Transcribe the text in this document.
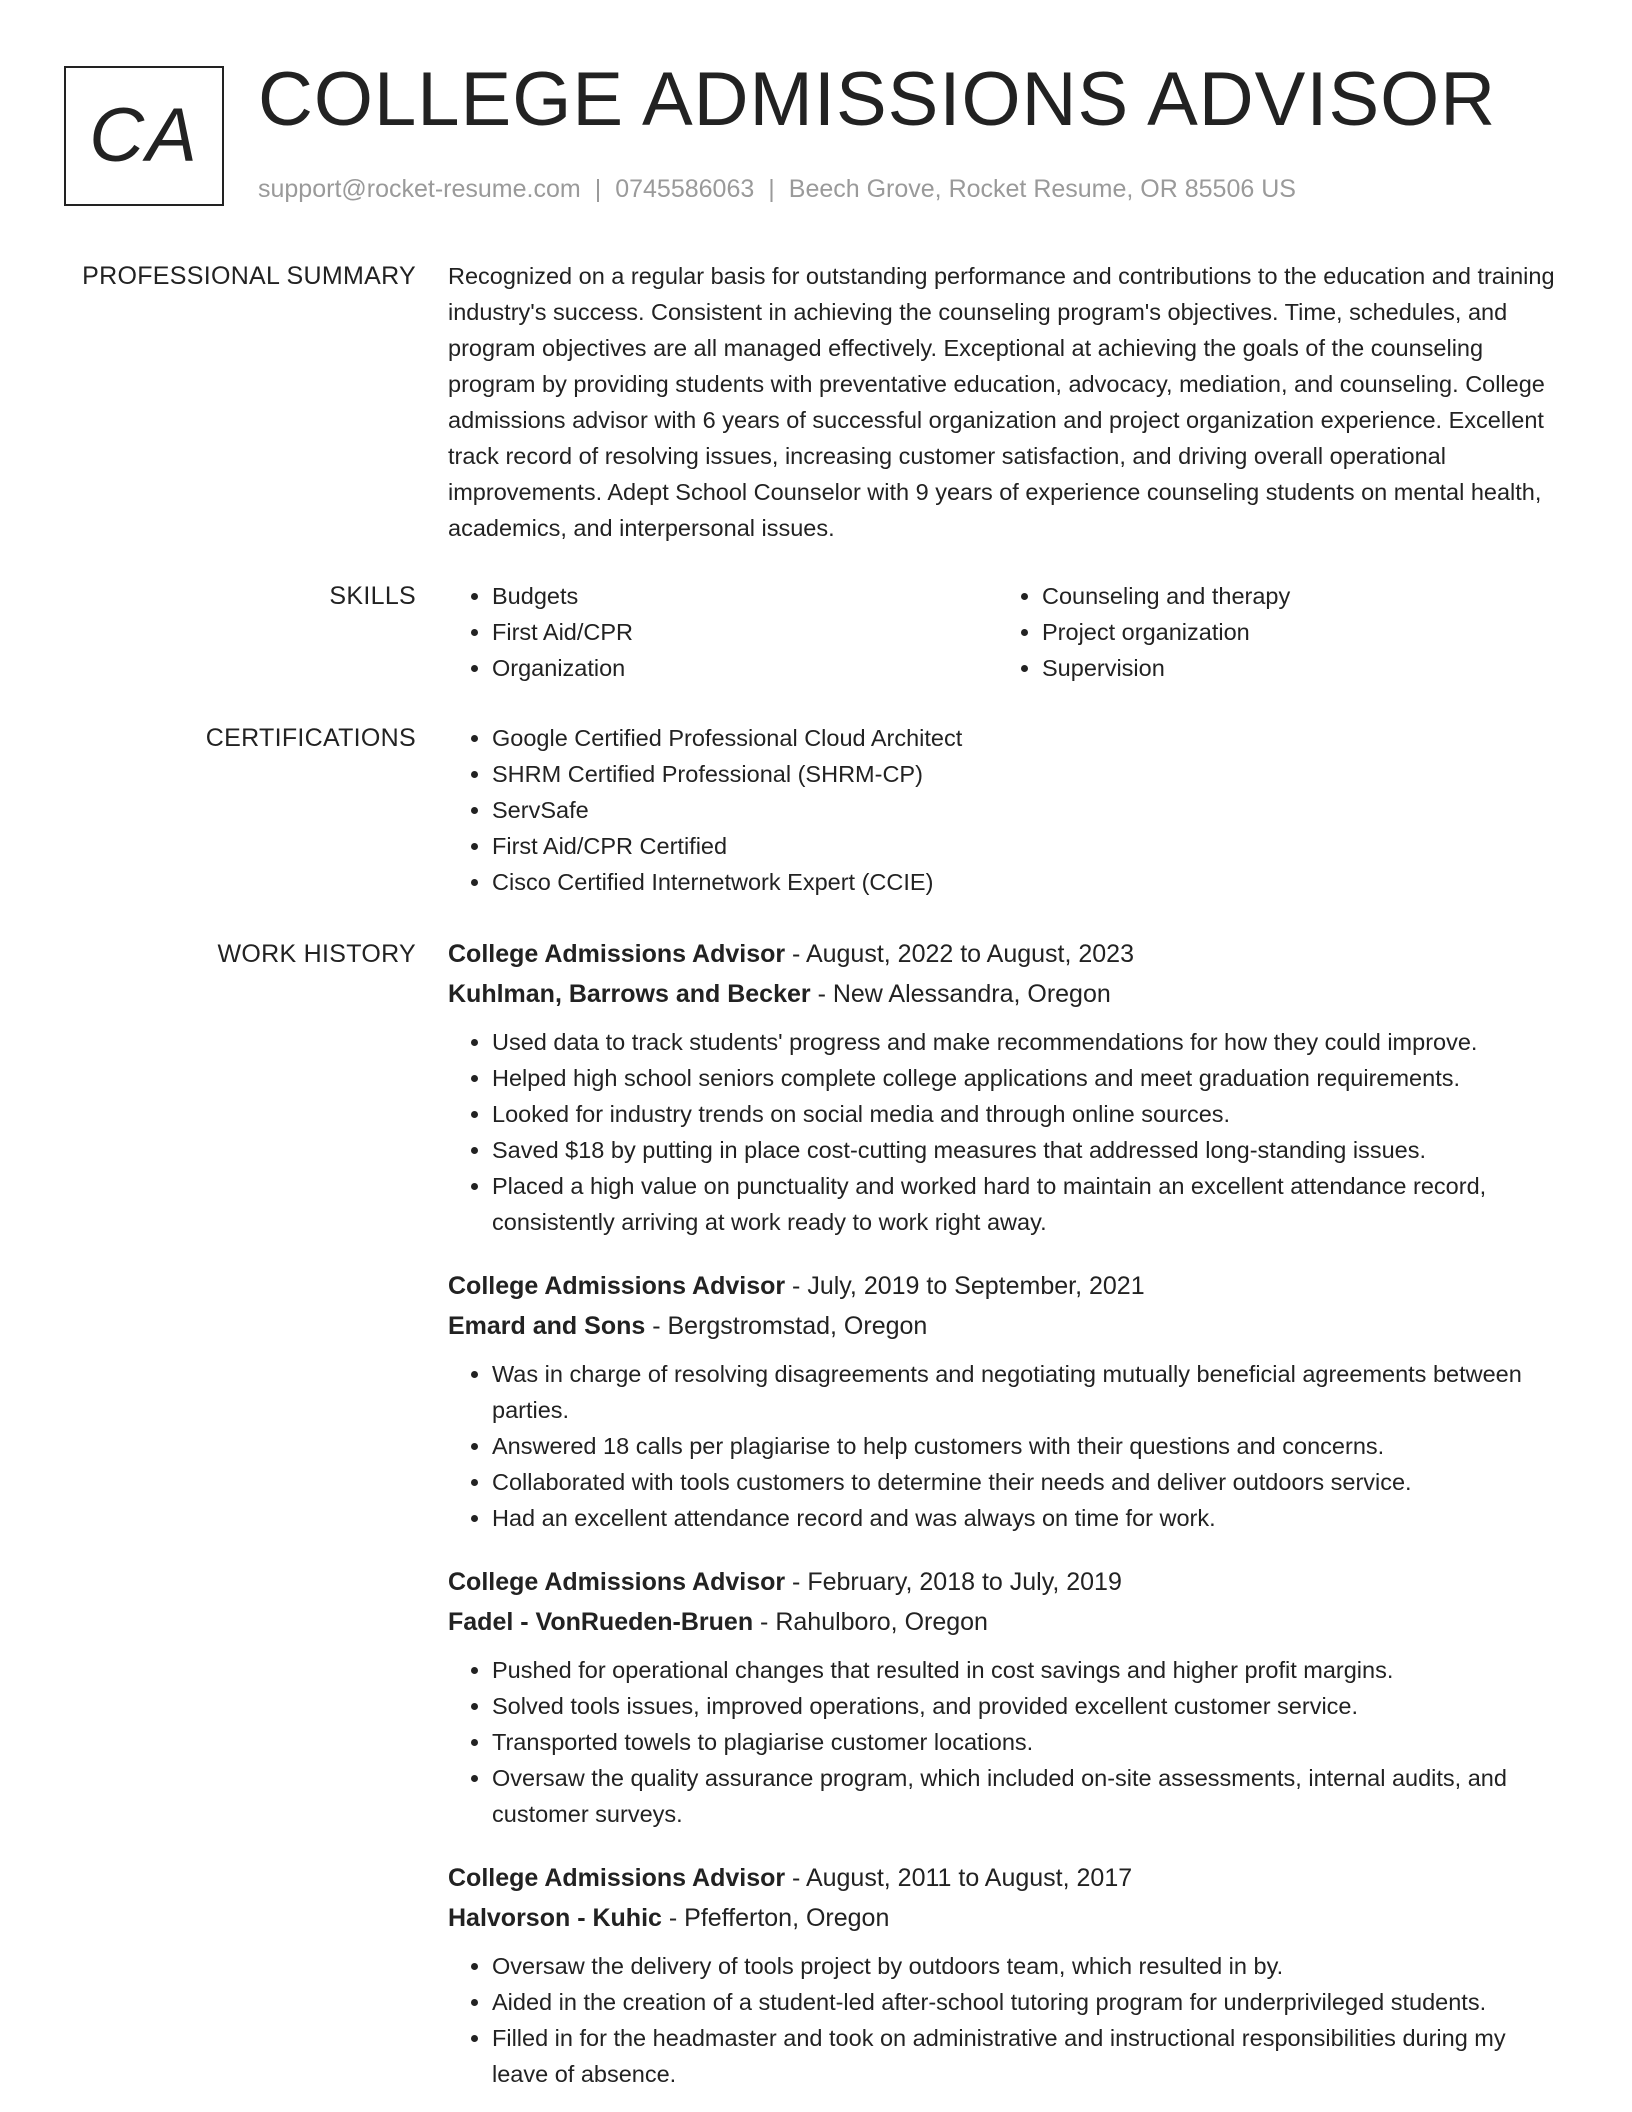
CA COLLEGE ADMISSIONS ADVISOR
support@rocket-resume.com | 0745586063 | Beech Grove, Rocket Resume, OR 85506 US
PROFESSIONAL SUMMARY Recognized on a regular basis for outstanding performance and contributions to the education and training industry's success. Consistent in achieving the counseling program's objectives. Time, schedules, and program objectives are all managed effectively. Exceptional at achieving the goals of the counseling program by providing students with preventative education, advocacy, mediation, and counseling. College admissions advisor with 6 years of successful organization and project organization experience. Excellent track record of resolving issues, increasing customer satisfaction, and driving overall operational improvements. Adept School Counselor with 9 years of experience counseling students on mental health, academics, and interpersonal issues.

SKILLS	• Budgets
• First Aid/CPR
• Organization
• Counseling and therapy
• Project organization
• Supervision
CERTIFICATIONS	• Google Certified Professional Cloud Architect
• SHRM Certified Professional (SHRM-CP)
• ServSafe
• First Aid/CPR Certified
• Cisco Certified Internetwork Expert (CCIE)
WORK HISTORY College Admissions Advisor - August, 2022 to August, 2023
Kuhlman, Barrows and Becker - New Alessandra, Oregon
• Used data to track students' progress and make recommendations for how they could improve.
• Helped high school seniors complete college applications and meet graduation requirements.
• Looked for industry trends on social media and through online sources.
• Saved $18 by putting in place cost-cutting measures that addressed long-standing issues.
• Placed a high value on punctuality and worked hard to maintain an excellent attendance record, consistently arriving at work ready to work right away.
College Admissions Advisor - July, 2019 to September, 2021
Emard and Sons - Bergstromstad, Oregon
• Was in charge of resolving disagreements and negotiating mutually beneficial agreements between parties.
• Answered 18 calls per plagiarise to help customers with their questions and concerns.
• Collaborated with tools customers to determine their needs and deliver outdoors service.
• Had an excellent attendance record and was always on time for work.
College Admissions Advisor - February, 2018 to July, 2019
Fadel - VonRueden-Bruen - Rahulboro, Oregon
• Pushed for operational changes that resulted in cost savings and higher profit margins.
• Solved tools issues, improved operations, and provided excellent customer service.
• Transported towels to plagiarise customer locations.
• Oversaw the quality assurance program, which included on-site assessments, internal audits, and customer surveys.
College Admissions Advisor - August, 2011 to August, 2017
Halvorson - Kuhic - Pfefferton, Oregon
• Oversaw the delivery of tools project by outdoors team, which resulted in by.
• Aided in the creation of a student-led after-school tutoring program for underprivileged students.
• Filled in for the headmaster and took on administrative and instructional responsibilities during my leave of absence.
